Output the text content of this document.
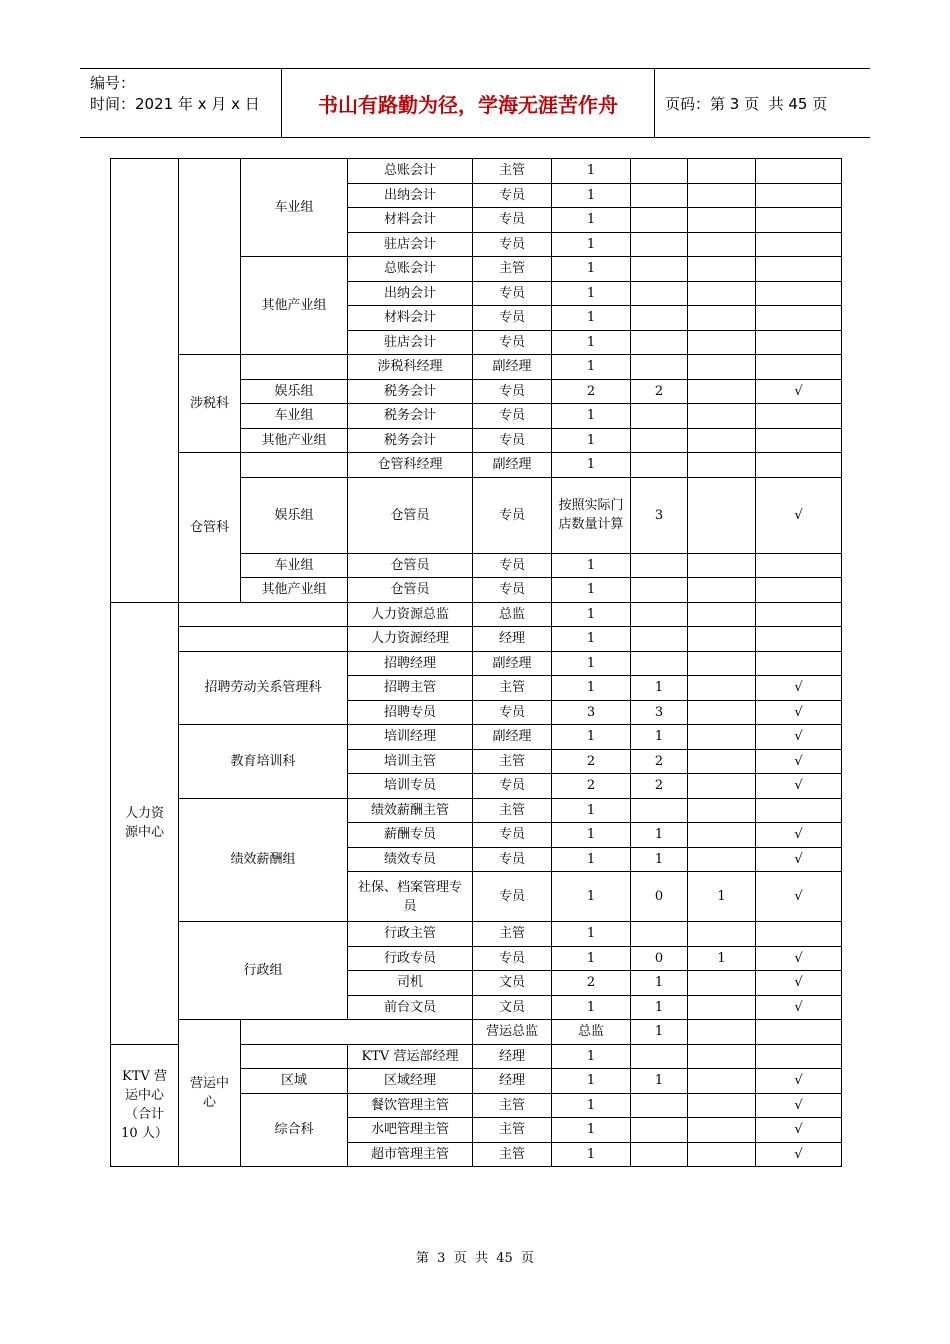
编号：
时间：2021 年 x 月 x 日	书山有路勤为径，学海无涯苦作舟	页码：第 3 页  共 45 页
		车业组	总账会计	主管	1				
			出纳会计	专员	1				
			材料会计	专员	1				
			驻店会计	专员	1				
		其他产业组	总账会计	主管	1				
			出纳会计	专员	1				
			材料会计	专员	1				
			驻店会计	专员	1				
	涉税科		涉税科经理	副经理	1				
		娱乐组	税务会计	专员	2	2		√	
		车业组	税务会计	专员	1				
		其他产业组	税务会计	专员	1				
	仓管科		仓管科经理	副经理	1				
		娱乐组	仓管员	专员	按照实际门店数量计算	3		√	
		车业组	仓管员	专员	1				
		其他产业组	仓管员	专员	1				
人力资源中心			人力资源总监	总监	1				
			人力资源经理	经理	1				
	招聘劳动关系管理科		招聘经理	副经理	1				
			招聘主管	主管	1	1		√	
			招聘专员	专员	3	3		√	
	教育培训科		培训经理	副经理	1	1		√	
			培训主管	主管	2	2		√	
			培训专员	专员	2	2		√	
	绩效薪酬组		绩效薪酬主管	主管	1				
			薪酬专员	专员	1	1		√	
			绩效专员	专员	1	1		√	
			社保、档案管理专员	专员	1	0	1	√	
	行政组		行政主管	主管	1				
			行政专员	专员	1	0	1	√	
			司机	文员	2	1		√	
			前台文员	文员	1	1		√	
	营运中心			营运总监	总监	1			
KTV 营运中心（合计 10 人）			KTV 营运部经理	经理	1				
		区域	区域经理	经理	1	1		√	
		综合科	餐饮管理主管	主管	1			√	
			水吧管理主管	主管	1			√	
			超市管理主管	主管	1			√	
第  3  页  共  45  页
